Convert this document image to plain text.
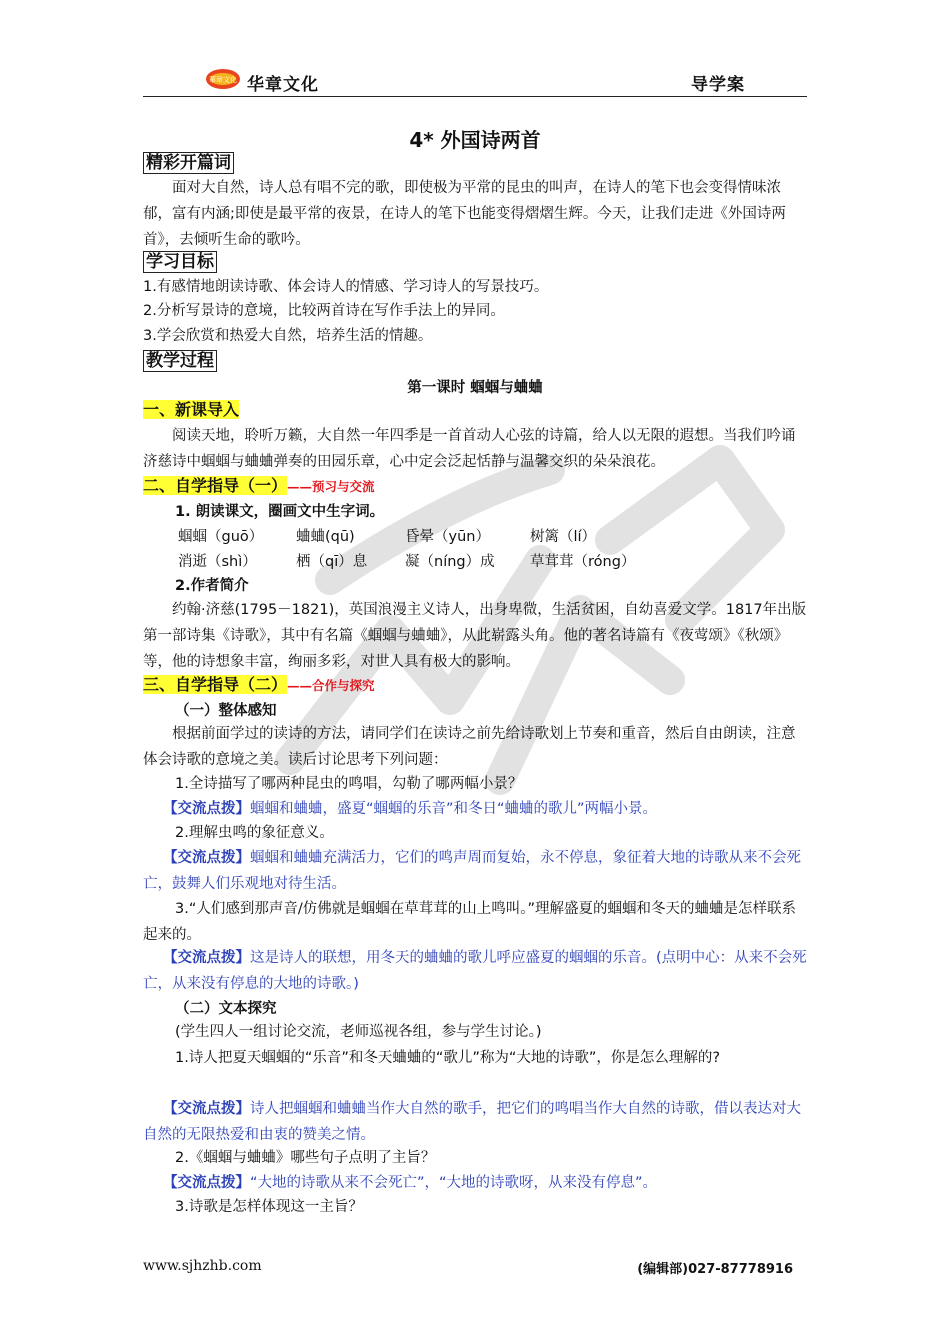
華章文化 华章文化	导学案
4* 外国诗两首
精彩开篇词
面对大自然，诗人总有唱不完的歌，即使极为平常的昆虫的叫声，在诗人的笔下也会变得情味浓郁，富有内涵;即使是最平常的夜景，在诗人的笔下也能变得熠熠生辉。今天，让我们走进《外国诗两首》，去倾听生命的歌吟。
学习目标
1.有感情地朗读诗歌、体会诗人的情感、学习诗人的写景技巧。
2.分析写景诗的意境，比较两首诗在写作手法上的异同。
3.学会欣赏和热爱大自然，培养生活的情趣。
教学过程
第一课时 蝈蝈与蛐蛐
一、新课导入
阅读天地，聆听万籁，大自然一年四季是一首首动人心弦的诗篇，给人以无限的遐想。当我们吟诵济慈诗中蝈蝈与蛐蛐弹奏的田园乐章，心中定会泛起恬静与温馨交织的朵朵浪花。
二、自学指导（一）——预习与交流
1. 朗读课文，圈画文中生字词。
蝈蝈（guō） 蛐蛐(qū)	昏晕（yūn）	树篱（lí）
消逝（shì）	栖（qī）息	凝（níng）成 草茸茸（róng）
2.作者简介
约翰·济慈(1795－1821)，英国浪漫主义诗人，出身卑微，生活贫困，自幼喜爱文学。1817年出版第一部诗集《诗歌》，其中有名篇《蝈蝈与蛐蛐》，从此崭露头角。他的著名诗篇有《夜莺颂》《秋颂》等，他的诗想象丰富，绚丽多彩，对世人具有极大的影响。
三、自学指导（二）——合作与探究
（一）整体感知
根据前面学过的读诗的方法，请同学们在读诗之前先给诗歌划上节奏和重音，然后自由朗读，注意体会诗歌的意境之美。读后讨论思考下列问题：
1.全诗描写了哪两种昆虫的鸣唱，勾勒了哪两幅小景？
【交流点拨】蝈蝈和蛐蛐，盛夏“蝈蝈的乐音”和冬日“蛐蛐的歌儿”两幅小景。
2.理解虫鸣的象征意义。
【交流点拨】蝈蝈和蛐蛐充满活力，它们的鸣声周而复始，永不停息，象征着大地的诗歌从来不会死亡，鼓舞人们乐观地对待生活。
3.“人们感到那声音/仿佛就是蝈蝈在草茸茸的山上鸣叫。”理解盛夏的蝈蝈和冬天的蛐蛐是怎样联系起来的。
【交流点拨】这是诗人的联想，用冬天的蛐蛐的歌儿呼应盛夏的蝈蝈的乐音。(点明中心：从来不会死亡，从来没有停息的大地的诗歌。)
（二）文本探究
(学生四人一组讨论交流，老师巡视各组，参与学生讨论。)
1.诗人把夏天蝈蝈的“乐音”和冬天蛐蛐的“歌儿”称为“大地的诗歌”，你是怎么理解的?
【交流点拨】诗人把蝈蝈和蛐蛐当作大自然的歌手，把它们的鸣唱当作大自然的诗歌，借以表达对大自然的无限热爱和由衷的赞美之情。
2.《蝈蝈与蛐蛐》哪些句子点明了主旨？
【交流点拨】“大地的诗歌从来不会死亡”，“大地的诗歌呀，从来没有停息”。
3.诗歌是怎样体现这一主旨？
www.sjhzhb.com	(编辑部)027-87778916
